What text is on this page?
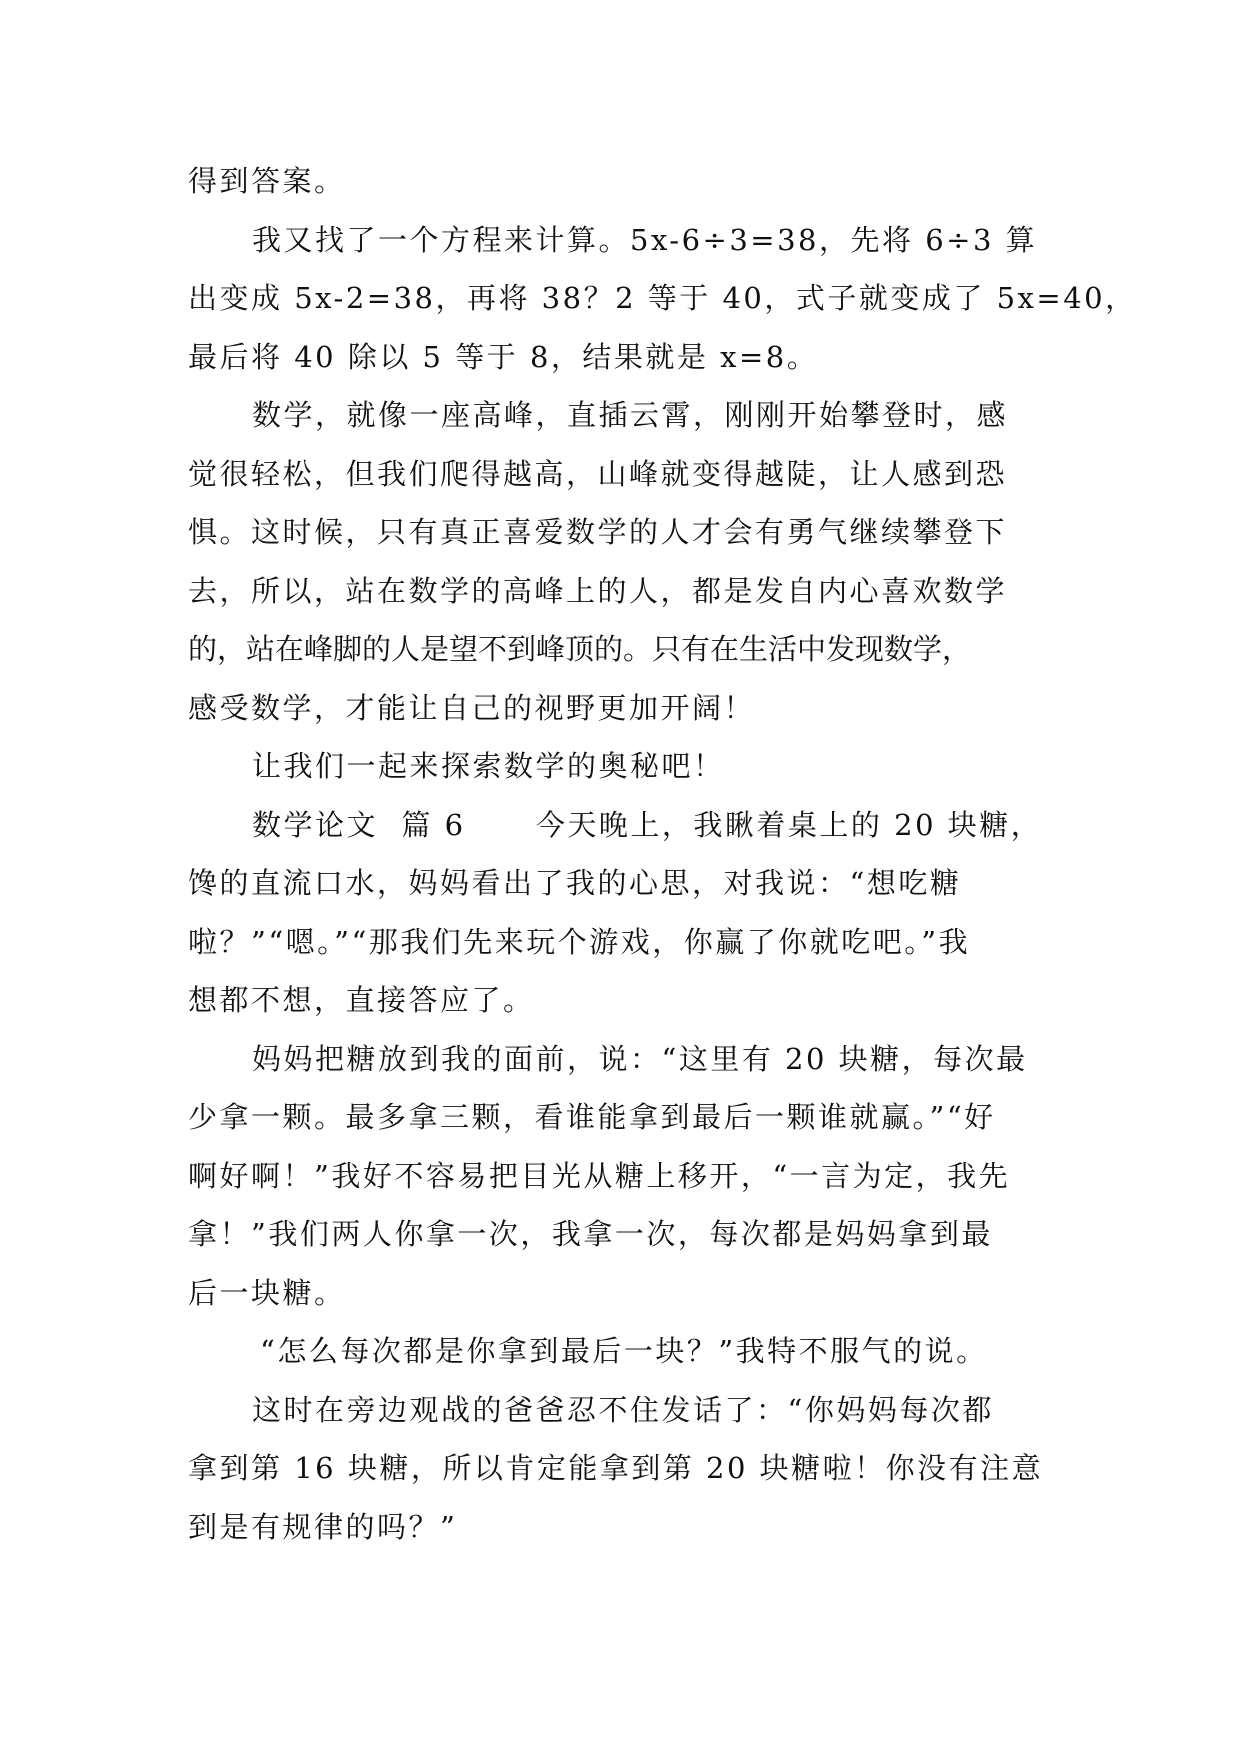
得到答案。

我又找了一个方程来计算。5x-6÷3=38，先将 6÷3 算
出变成 5x-2=38，再将 38？2 等于 40，式子就变成了 5x=40，
最后将 40 除以 5 等于 8，结果就是 x=8。

数学，就像一座高峰，直插云霄，刚刚开始攀登时，感
觉很轻松，但我们爬得越高，山峰就变得越陡，让人感到恐
惧。这时候，只有真正喜爱数学的人才会有勇气继续攀登下
去，所以，站在数学的高峰上的人，都是发自内心喜欢数学
的，站在峰脚的人是望不到峰顶的。只有在生活中发现数学，
感受数学，才能让自己的视野更加开阔！

让我们一起来探索数学的奥秘吧！

数学论文  篇 6      今天晚上，我瞅着桌上的 20 块糖，
馋的直流口水，妈妈看出了我的心思，对我说：“想吃糖
啦？”“嗯。”“那我们先来玩个游戏，你赢了你就吃吧。”我
想都不想，直接答应了。

妈妈把糖放到我的面前，说：“这里有 20 块糖，每次最
少拿一颗。最多拿三颗，看谁能拿到最后一颗谁就赢。”“好
啊好啊！”我好不容易把目光从糖上移开，“一言为定，我先
拿！”我们两人你拿一次，我拿一次，每次都是妈妈拿到最
后一块糖。

“怎么每次都是你拿到最后一块？”我特不服气的说。

这时在旁边观战的爸爸忍不住发话了：“你妈妈每次都
拿到第 16 块糖，所以肯定能拿到第 20 块糖啦！你没有注意
到是有规律的吗？”
